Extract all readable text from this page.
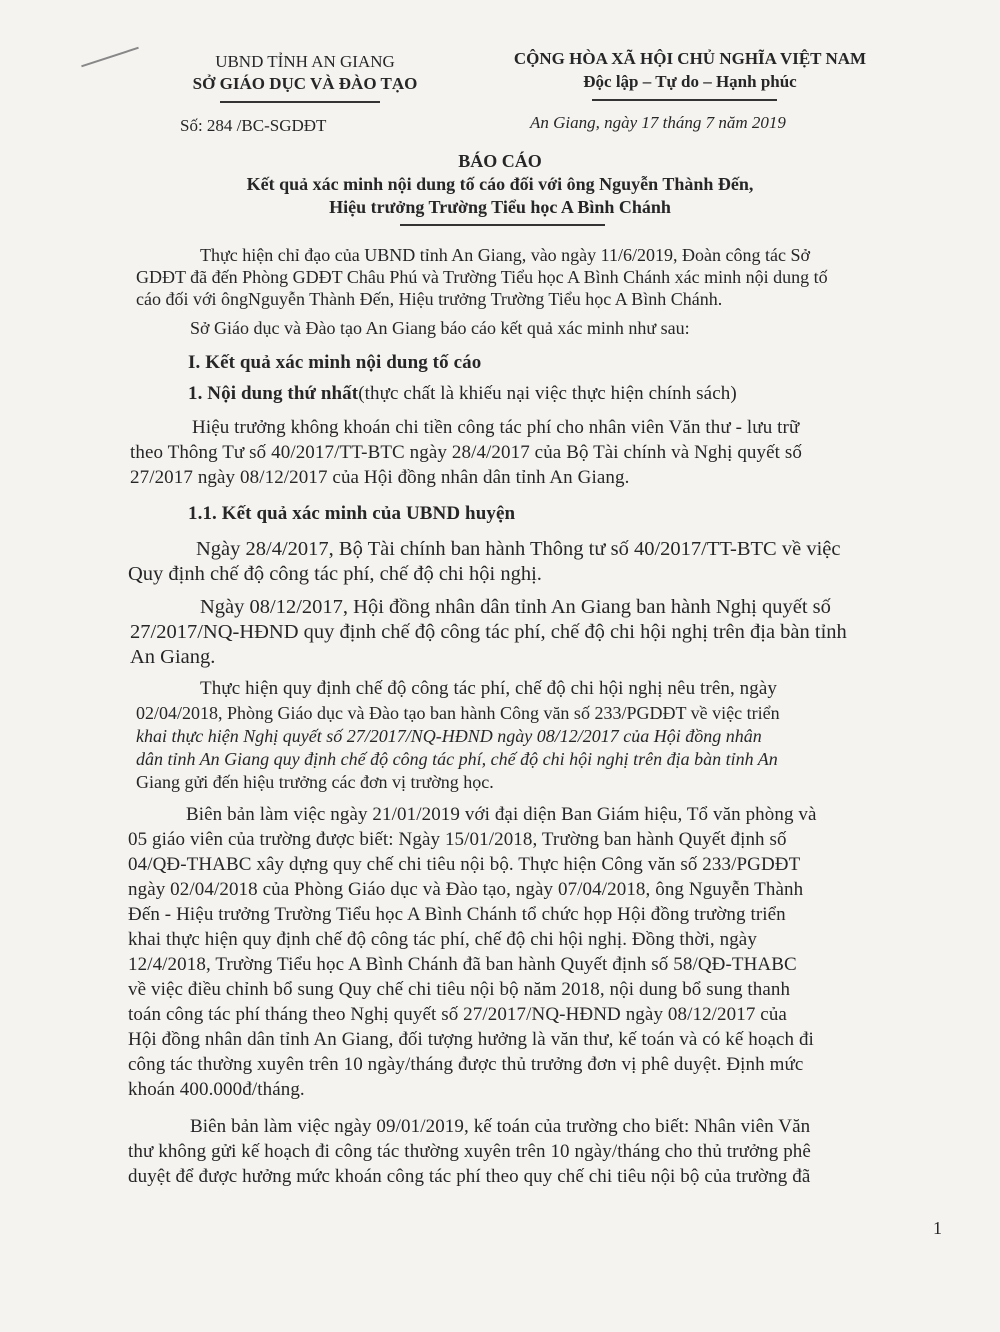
UBND TỈNH AN GIANG
SỞ GIÁO DỤC VÀ ĐÀO TẠO
Số: 284 /BC-SGDĐT
CỘNG HÒA XÃ HỘI CHỦ NGHĨA VIỆT NAM
Độc lập – Tự do – Hạnh phúc
An Giang, ngày 17 tháng 7 năm 2019
BÁO CÁO
Kết quả xác minh nội dung tố cáo đối với ông Nguyễn Thành Đến,
Hiệu trưởng Trường Tiểu học A Bình Chánh
Thực hiện chỉ đạo của UBND tỉnh An Giang, vào ngày 11/6/2019, Đoàn công tác Sở
GDĐT đã đến Phòng GDĐT Châu Phú và Trường Tiểu học A Bình Chánh xác minh nội dung tố
cáo đối với ôngNguyễn Thành Đến, Hiệu trưởng Trường Tiểu học A Bình Chánh.
Sở Giáo dục và Đào tạo An Giang báo cáo kết quả xác minh như sau:
I. Kết quả xác minh nội dung tố cáo
1. Nội dung thứ nhất(thực chất là khiếu nại việc thực hiện chính sách)
Hiệu trưởng không khoán chi tiền công tác phí cho nhân viên Văn thư - lưu trữ
theo Thông Tư số 40/2017/TT-BTC ngày 28/4/2017 của Bộ Tài chính và Nghị quyết số
27/2017 ngày 08/12/2017 của Hội đồng nhân dân tỉnh An Giang.
1.1. Kết quả xác minh của UBND huyện
Ngày 28/4/2017, Bộ Tài chính ban hành Thông tư số 40/2017/TT-BTC về việc
Quy định chế độ công tác phí, chế độ chi hội nghị.
Ngày 08/12/2017, Hội đồng nhân dân tỉnh An Giang ban hành Nghị quyết số
27/2017/NQ-HĐND quy định chế độ công tác phí, chế độ chi hội nghị trên địa bàn tỉnh
An Giang.
Thực hiện quy định chế độ công tác phí, chế độ chi hội nghị nêu trên, ngày
02/04/2018, Phòng Giáo dục và Đào tạo ban hành Công văn số 233/PGDĐT về việc triển
khai thực hiện Nghị quyết số 27/2017/NQ-HĐND ngày 08/12/2017 của Hội đồng nhân
dân tỉnh An Giang quy định chế độ công tác phí, chế độ chi hội nghị trên địa bàn tỉnh An
Giang gửi đến hiệu trưởng các đơn vị trường học.
Biên bản làm việc ngày 21/01/2019 với đại diện Ban Giám hiệu, Tổ văn phòng và
05 giáo viên của trường được biết: Ngày 15/01/2018, Trường ban hành Quyết định số
04/QĐ-THABC xây dựng quy chế chi tiêu nội bộ. Thực hiện Công văn số 233/PGDĐT
ngày 02/04/2018 của Phòng Giáo dục và Đào tạo, ngày 07/04/2018, ông Nguyễn Thành
Đến - Hiệu trưởng Trường Tiểu học A Bình Chánh tổ chức họp Hội đồng trường triển
khai thực hiện quy định chế độ công tác phí, chế độ chi hội nghị. Đồng thời, ngày
12/4/2018, Trường Tiểu học A Bình Chánh đã ban hành Quyết định số 58/QĐ-THABC
về việc điều chỉnh bổ sung Quy chế chi tiêu nội bộ năm 2018, nội dung bổ sung thanh
toán công tác phí tháng theo Nghị quyết số 27/2017/NQ-HĐND ngày 08/12/2017 của
Hội đồng nhân dân tỉnh An Giang, đối tượng hưởng là văn thư, kế toán và có kế hoạch đi
công tác thường xuyên trên 10 ngày/tháng được thủ trưởng đơn vị phê duyệt. Định mức
khoán 400.000đ/tháng.
Biên bản làm việc ngày 09/01/2019, kế toán của trường cho biết: Nhân viên Văn
thư không gửi kế hoạch đi công tác thường xuyên trên 10 ngày/tháng cho thủ trưởng phê
duyệt để được hưởng mức khoán công tác phí theo quy chế chi tiêu nội bộ của trường đã
1
